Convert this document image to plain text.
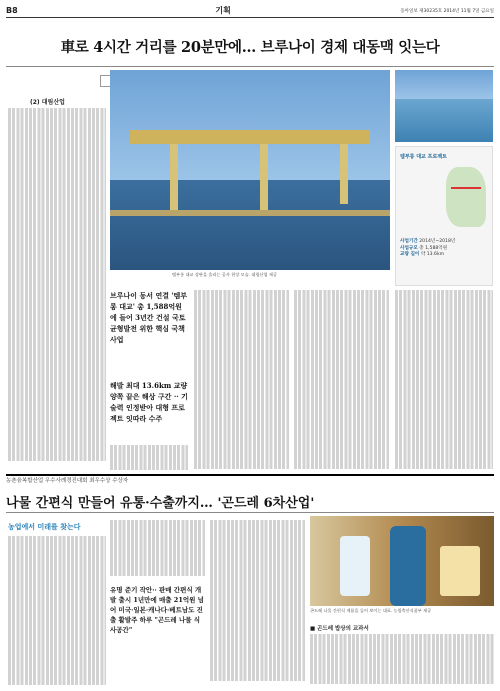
B8	기획	동아일보 제30235호 2014년 11월 7일 금요일
車로 4시간 거리를 20분만에… 브루나이 경제 대동맥 잇는다
(2) 대림산업
템부롱 대교 상판을 올리는 공사 현장 모습. 대림산업 제공
브루나이 동서 연결 '템부롱 대교' 총 1,588억원에 들어 3년간 건설 국토 균형발전 위한 핵심 국책사업
해발 최대 13.6km 교량 양쪽 끝은 해상 구간 ·· 기술력 인정받아 대형 프로젝트 잇따라 수주
템부롱 대교 프로젝트
사업기간 2014년~2018년
사업규모 총 1,588억원
교량 길이 약 13.6km
농촌융복합산업 우수사례경진대회 최우수상 수상자
나물 간편식 만들어 유통·수출까지… '곤드레 6차산업'
농업에서 미래를 찾는다
유명 준기 작안·· 판매 간편식 개발 출시 1년만에 매출 21억원 넘어 미국·일본·캐나다·베트남도 진출 활발주 하루 "곤드레 나물 식사공간"
곤드레 나물 간편식 제품을 들어 보이는 대표. 농림축산식품부 제공
■ 곤드레 밥상의 교과서
